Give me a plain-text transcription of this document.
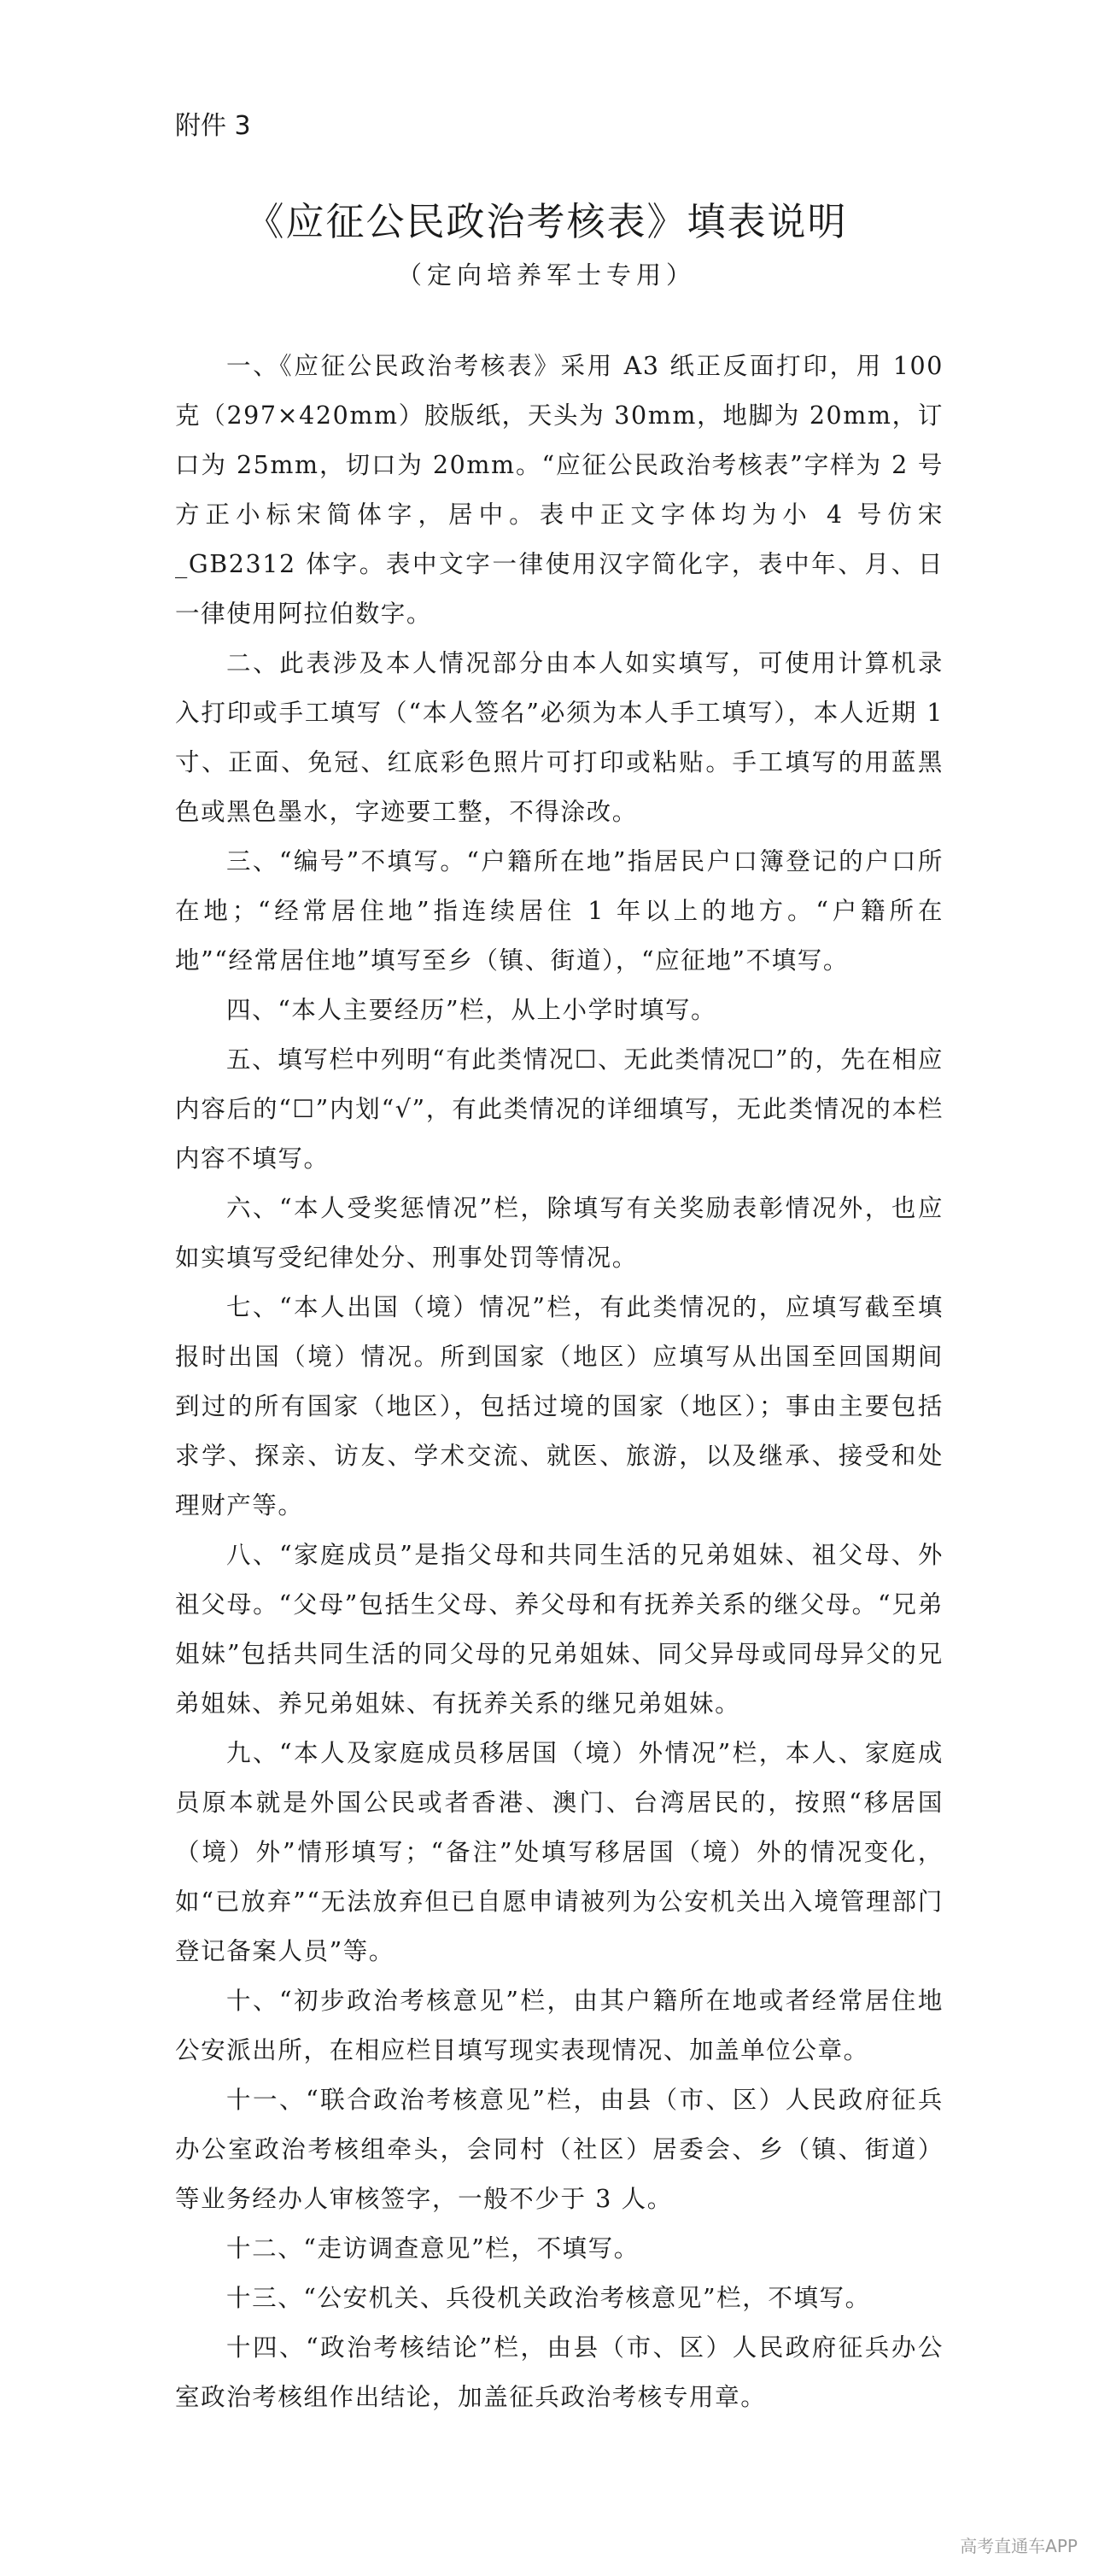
附件 3
《应征公民政治考核表》填表说明
（定向培养军士专用）

一、《应征公民政治考核表》采用 A3 纸正反面打印，用 100 克（297×420mm）胶版纸，天头为 30mm，地脚为 20mm，订口为 25mm，切口为 20mm。“应征公民政治考核表”字样为 2 号方正小标宋简体字，居中。表中正文字体均为小 4 号仿宋_GB2312 体字。表中文字一律使用汉字简化字，表中年、月、日一律使用阿拉伯数字。

二、此表涉及本人情况部分由本人如实填写，可使用计算机录入打印或手工填写（“本人签名”必须为本人手工填写），本人近期 1 寸、正面、免冠、红底彩色照片可打印或粘贴。手工填写的用蓝黑色或黑色墨水，字迹要工整，不得涂改。

三、“编号”不填写。“户籍所在地”指居民户口簿登记的户口所在地；“经常居住地”指连续居住 1 年以上的地方。“户籍所在地”“经常居住地”填写至乡（镇、街道），“应征地”不填写。

四、“本人主要经历”栏，从上小学时填写。

五、填写栏中列明“有此类情况☐、无此类情况☐”的，先在相应内容后的“☐”内划“√”，有此类情况的详细填写，无此类情况的本栏内容不填写。

六、“本人受奖惩情况”栏，除填写有关奖励表彰情况外，也应如实填写受纪律处分、刑事处罚等情况。

七、“本人出国（境）情况”栏，有此类情况的，应填写截至填报时出国（境）情况。所到国家（地区）应填写从出国至回国期间到过的所有国家（地区），包括过境的国家（地区）；事由主要包括求学、探亲、访友、学术交流、就医、旅游，以及继承、接受和处理财产等。

八、“家庭成员”是指父母和共同生活的兄弟姐妹、祖父母、外祖父母。“父母”包括生父母、养父母和有抚养关系的继父母。“兄弟姐妹”包括共同生活的同父母的兄弟姐妹、同父异母或同母异父的兄弟姐妹、养兄弟姐妹、有抚养关系的继兄弟姐妹。

九、“本人及家庭成员移居国（境）外情况”栏，本人、家庭成员原本就是外国公民或者香港、澳门、台湾居民的，按照“移居国（境）外”情形填写；“备注”处填写移居国（境）外的情况变化，如“已放弃”“无法放弃但已自愿申请被列为公安机关出入境管理部门登记备案人员”等。

十、“初步政治考核意见”栏，由其户籍所在地或者经常居住地公安派出所，在相应栏目填写现实表现情况、加盖单位公章。

十一、“联合政治考核意见”栏，由县（市、区）人民政府征兵办公室政治考核组牵头，会同村（社区）居委会、乡（镇、街道）等业务经办人审核签字，一般不少于 3 人。

十二、“走访调查意见”栏，不填写。

十三、“公安机关、兵役机关政治考核意见”栏，不填写。

十四、“政治考核结论”栏，由县（市、区）人民政府征兵办公室政治考核组作出结论，加盖征兵政治考核专用章。

高考直通车APP
